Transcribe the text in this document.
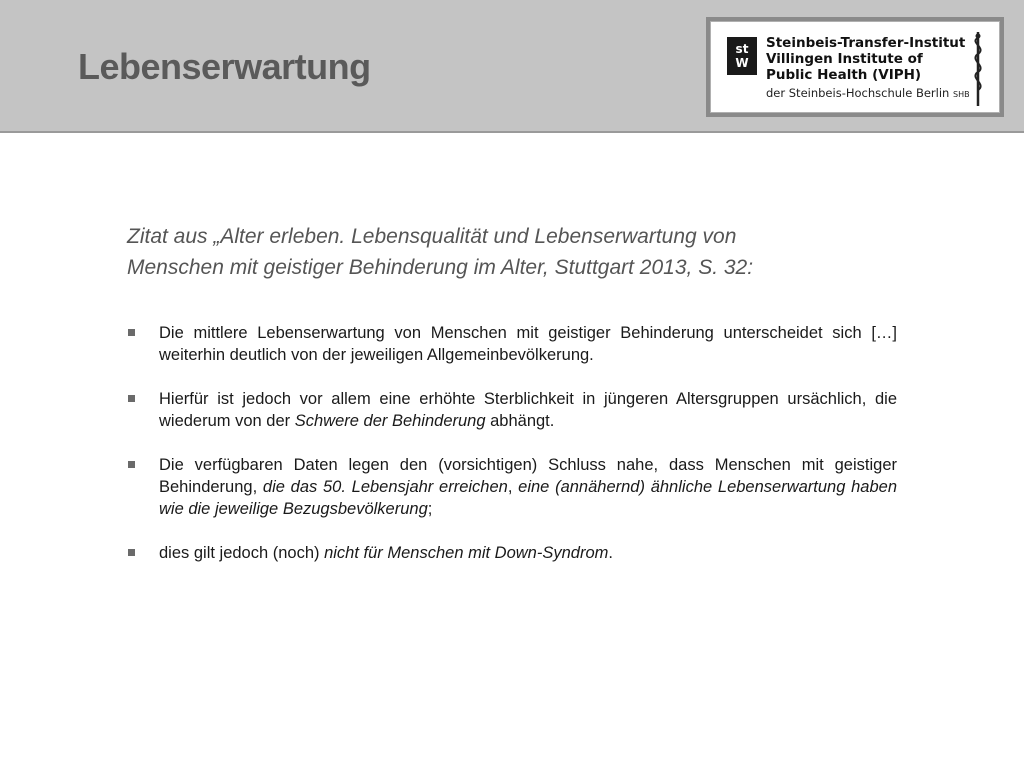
Lebenserwartung	st
W
Steinbeis-Transfer-Institut
Villingen Institute of
Public Health (VIPH)
der Steinbeis-Hochschule Berlin SHB
Zitat aus „Alter erleben. Lebensqualität und Lebenserwartung von
Menschen mit geistiger Behinderung im Alter, Stuttgart 2013, S. 32:
Die mittlere Lebenserwartung von Menschen mit geistiger Behinderung unterscheidet sich […] weiterhin deutlich von der jeweiligen Allgemeinbevölkerung.
Hierfür ist jedoch vor allem eine erhöhte Sterblichkeit in jüngeren Altersgruppen ursächlich, die wiederum von der Schwere der Behinderung abhängt.
Die verfügbaren Daten legen den (vorsichtigen) Schluss nahe, dass Menschen mit geistiger Behinderung, die das 50. Lebensjahr erreichen, eine (annähernd) ähnliche Lebenserwartung haben wie die jeweilige Bezugsbevölkerung;
dies gilt jedoch (noch) nicht für Menschen mit Down-Syndrom.
